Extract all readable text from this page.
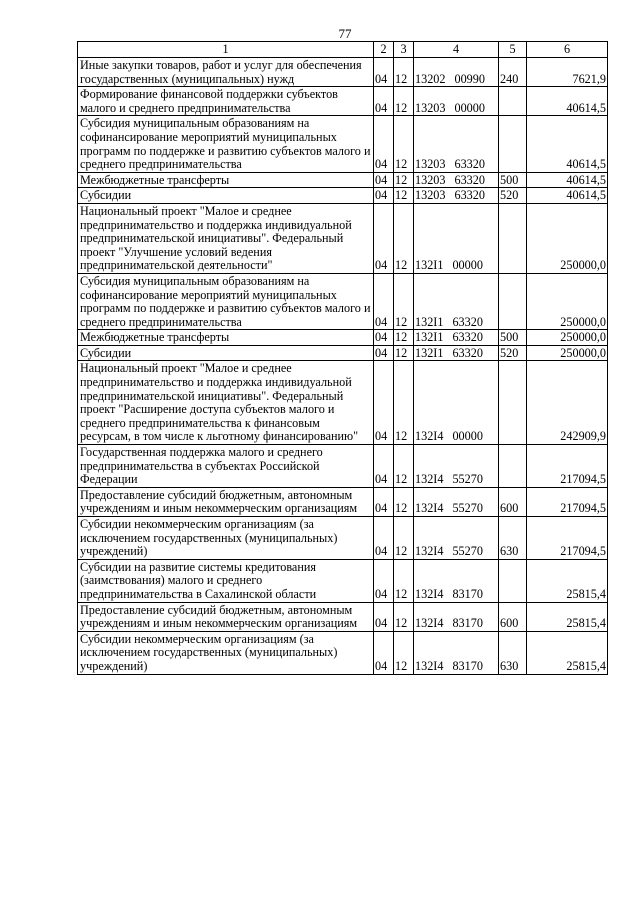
77
1	2	3	4	5	6
Иные закупки товаров, работ и услуг для обеспечения государственных (муниципальных) нужд	04	12	13202 00990	240	7621,9
Формирование финансовой поддержки субъектов малого и среднего предпринимательства	04	12	13203 00000		40614,5
Субсидия муниципальным образованиям на софинансирование мероприятий муниципальных программ по поддержке и развитию субъектов малого и среднего предпринимательства	04	12	13203 63320		40614,5
Межбюджетные трансферты	04	12	13203 63320	500	40614,5
Субсидии	04	12	13203 63320	520	40614,5
Национальный проект "Малое и среднее предпринимательство и поддержка индивидуальной предпринимательской инициативы". Федеральный проект "Улучшение условий ведения предпринимательской деятельности"	04	12	132I1 00000		250000,0
Субсидия муниципальным образованиям на софинансирование мероприятий муниципальных программ по поддержке и развитию субъектов малого и среднего предпринимательства	04	12	132I1 63320		250000,0
Межбюджетные трансферты	04	12	132I1 63320	500	250000,0
Субсидии	04	12	132I1 63320	520	250000,0
Национальный проект "Малое и среднее предпринимательство и поддержка индивидуальной предпринимательской инициативы". Федеральный проект "Расширение доступа субъектов малого и среднего предпринимательства к финансовым ресурсам, в том числе к льготному финансированию"	04	12	132I4 00000		242909,9
Государственная поддержка малого и среднего предпринимательства в субъектах Российской Федерации	04	12	132I4 55270		217094,5
Предоставление субсидий бюджетным, автономным учреждениям и иным некоммерческим организациям	04	12	132I4 55270	600	217094,5
Субсидии некоммерческим организациям (за исключением государственных (муниципальных) учреждений)	04	12	132I4 55270	630	217094,5
Субсидии на развитие системы кредитования (заимствования) малого и среднего предпринимательства в Сахалинской области	04	12	132I4 83170		25815,4
Предоставление субсидий бюджетным, автономным учреждениям и иным некоммерческим организациям	04	12	132I4 83170	600	25815,4
Субсидии некоммерческим организациям (за исключением государственных (муниципальных) учреждений)	04	12	132I4 83170	630	25815,4
